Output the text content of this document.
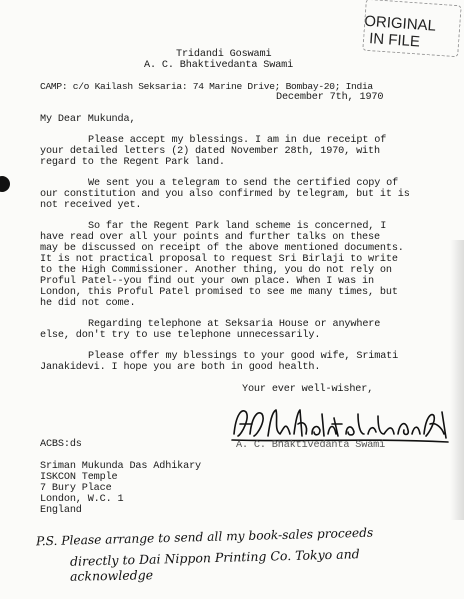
ORIGINAL
IN FILE
Tridandi Goswami
A. C. Bhaktivedanta Swami
CAMP: c/o Kailash Seksaria: 74 Marine Drive; Bombay-20; India
December 7th, 1970
My Dear Mukunda,
Please accept my blessings. I am in due receipt of
your detailed letters (2) dated November 28th, 1970, with
regard to the Regent Park land.
We sent you a telegram to send the certified copy of
our constitution and you also confirmed by telegram, but it is
not received yet.
So far the Regent Park land scheme is concerned, I
have read over all your points and further talks on these
may be discussed on receipt of the above mentioned documents.
It is not practical proposal to request Sri Birlaji to write
to the High Commissioner. Another thing, you do not rely on
Proful Patel--you find out your own place. When I was in
London, this Proful Patel promised to see me many times, but
he did not come.
Regarding telephone at Seksaria House or anywhere
else, don't try to use telephone unnecessarily.
Please offer my blessings to your good wife, Srimati
Janakidevi. I hope you are both in good health.
Your ever well-wisher,
A. C. Bhaktivedanta Swami
ACBS:ds
Sriman Mukunda Das Adhikary
ISKCON Temple
7 Bury Place
London, W.C. 1
England
P.S. Please arrange to send all my book-sales proceeds
directly to Dai Nippon Printing Co. Tokyo and
acknowledge
